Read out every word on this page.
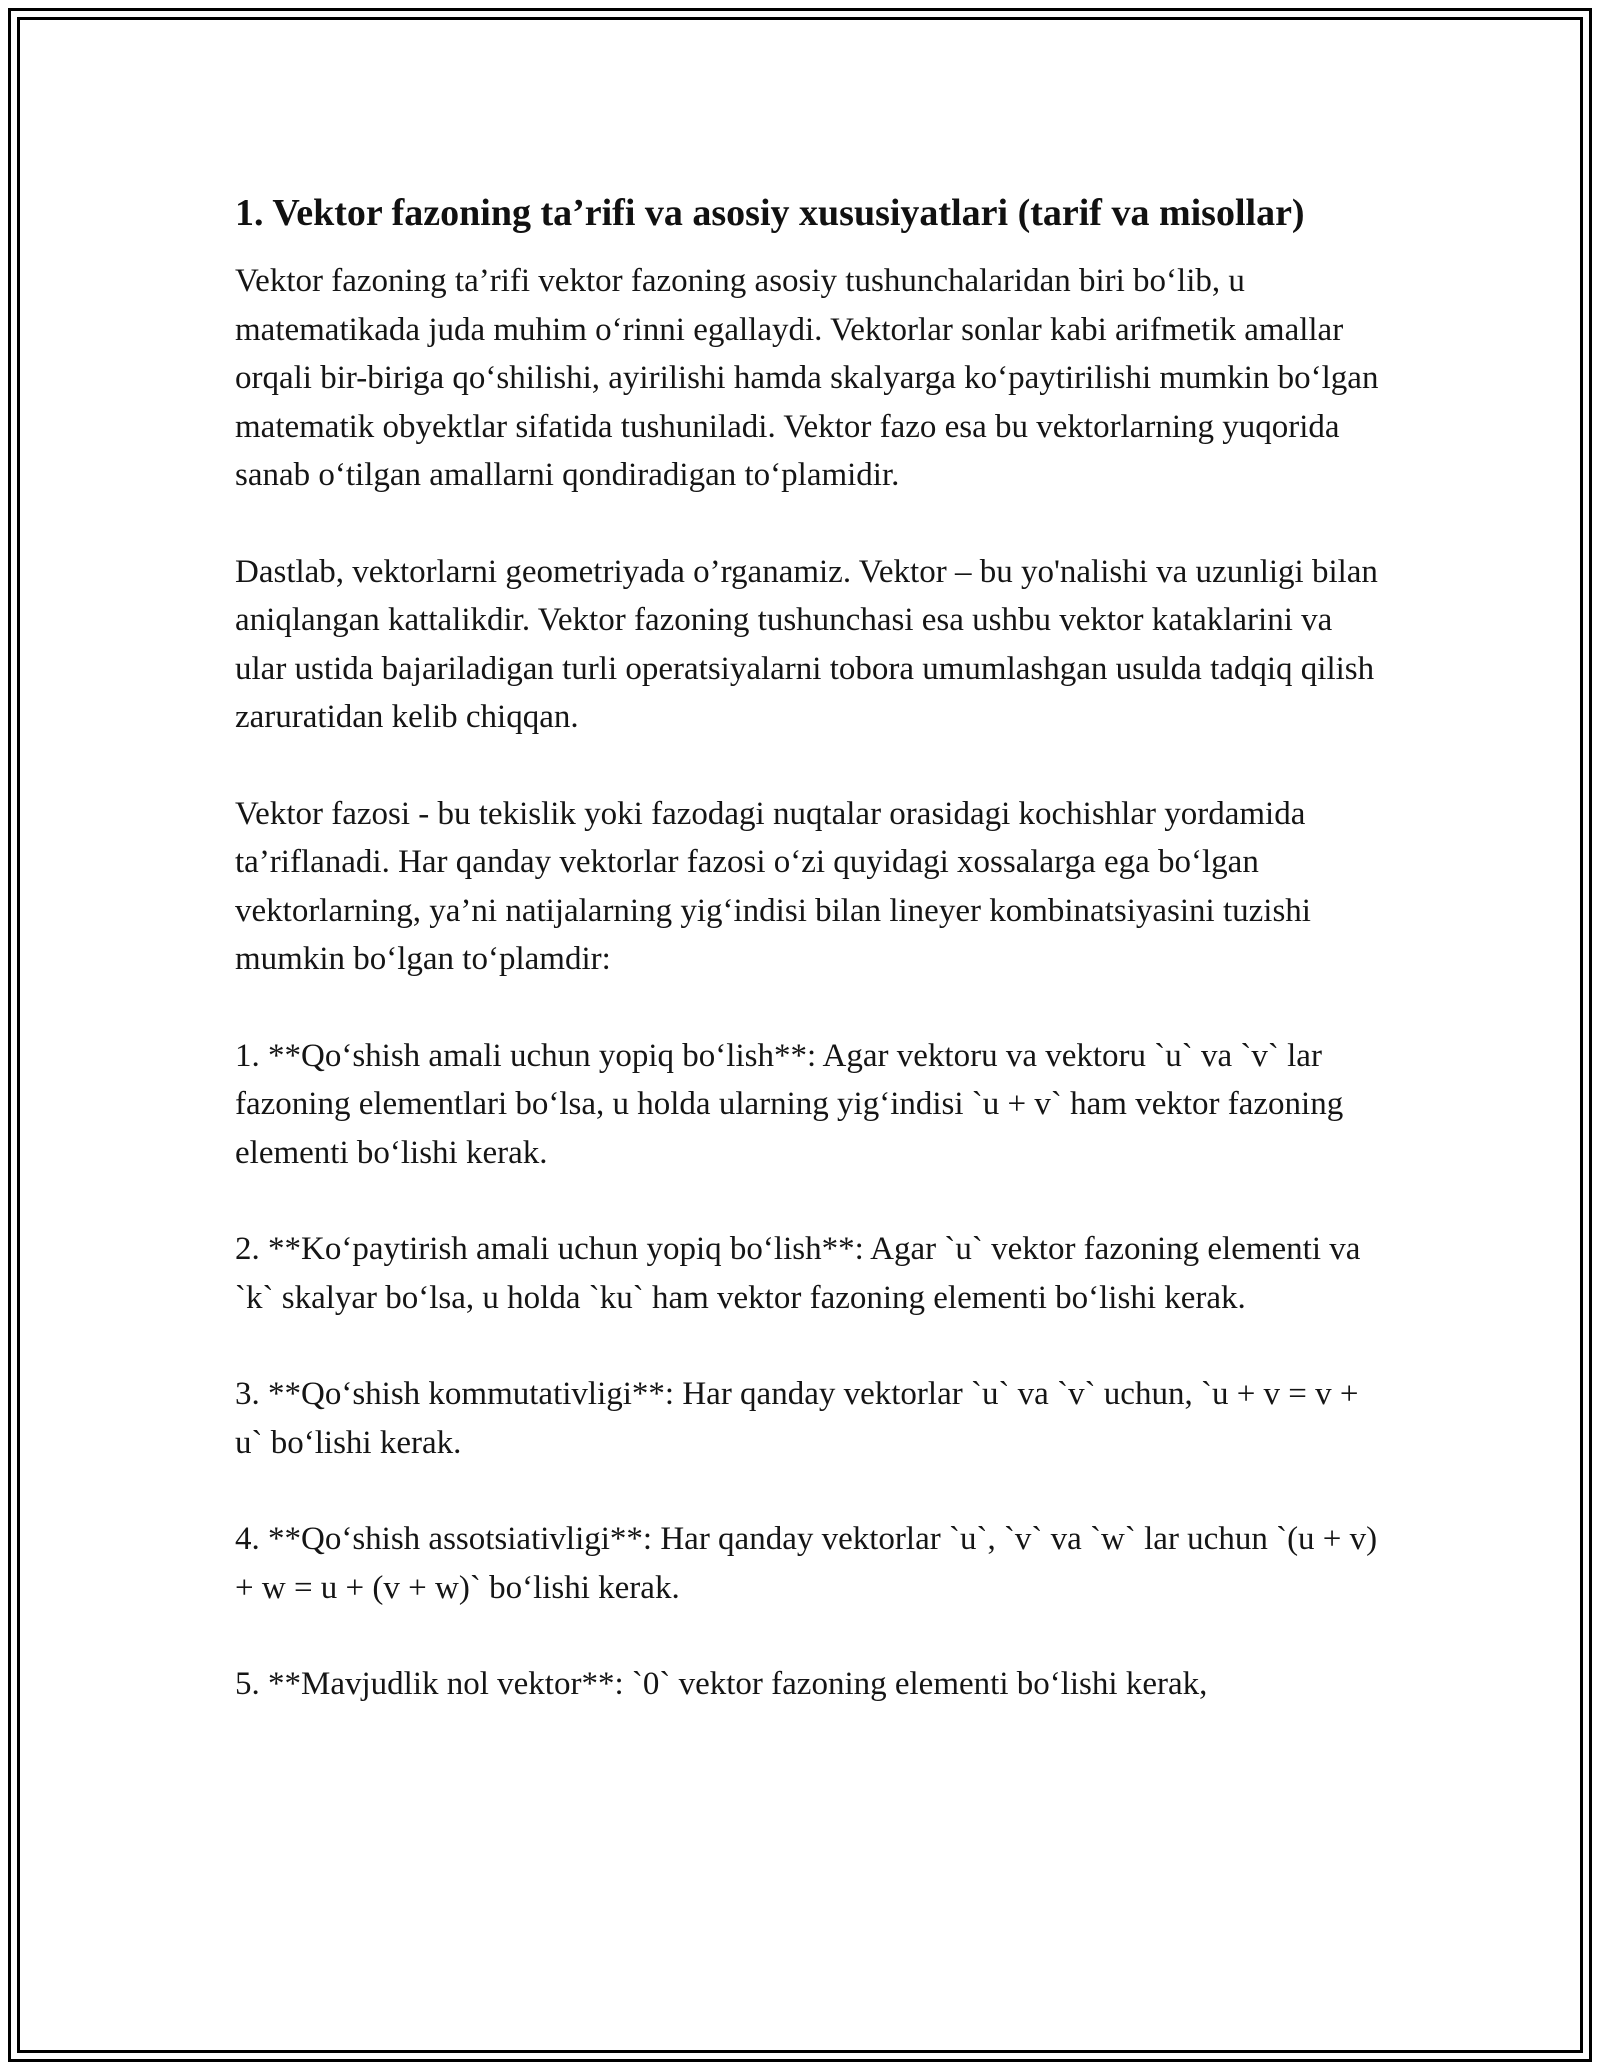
1. Vektor fazoning ta’rifi va asosiy xususiyatlari (tarif va misollar)

Vektor fazoning ta’rifi vektor fazoning asosiy tushunchalaridan biri bo‘lib, u matematikada juda muhim o‘rinni egallaydi. Vektorlar sonlar kabi arifmetik amallar orqali bir-biriga qo‘shilishi, ayirilishi hamda skalyarga ko‘paytirilishi mumkin bo‘lgan matematik obyektlar sifatida tushuniladi. Vektor fazo esa bu vektorlarning yuqorida sanab o‘tilgan amallarni qondiradigan to‘plamidir.

Dastlab, vektorlarni geometriyada o’rganamiz. Vektor – bu yo'nalishi va uzunligi bilan aniqlangan kattalikdir. Vektor fazoning tushunchasi esa ushbu vektor kataklarini va ular ustida bajariladigan turli operatsiyalarni tobora umumlashgan usulda tadqiq qilish zaruratidan kelib chiqqan.

Vektor fazosi - bu tekislik yoki fazodagi nuqtalar orasidagi kochishlar yordamida ta’riflanadi. Har qanday vektorlar fazosi o‘zi quyidagi xossalarga ega bo‘lgan vektorlarning, ya’ni natijalarning yig‘indisi bilan lineyer kombinatsiyasini tuzishi mumkin bo‘lgan to‘plamdir:

1. **Qo‘shish amali uchun yopiq bo‘lish**: Agar vektoru va vektoru `u` va `v` lar fazoning elementlari bo‘lsa, u holda ularning yig‘indisi `u + v` ham vektor fazoning elementi bo‘lishi kerak.

2. **Ko‘paytirish amali uchun yopiq bo‘lish**: Agar `u` vektor fazoning elementi va `k` skalyar bo‘lsa, u holda `ku` ham vektor fazoning elementi bo‘lishi kerak.

3. **Qo‘shish kommutativligi**: Har qanday vektorlar `u` va `v` uchun, `u + v = v + u` bo‘lishi kerak.

4. **Qo‘shish assotsiativligi**: Har qanday vektorlar `u`, `v` va `w` lar uchun `(u + v) + w = u + (v + w)` bo‘lishi kerak.

5. **Mavjudlik nol vektor**: `0` vektor fazoning elementi bo‘lishi kerak,
